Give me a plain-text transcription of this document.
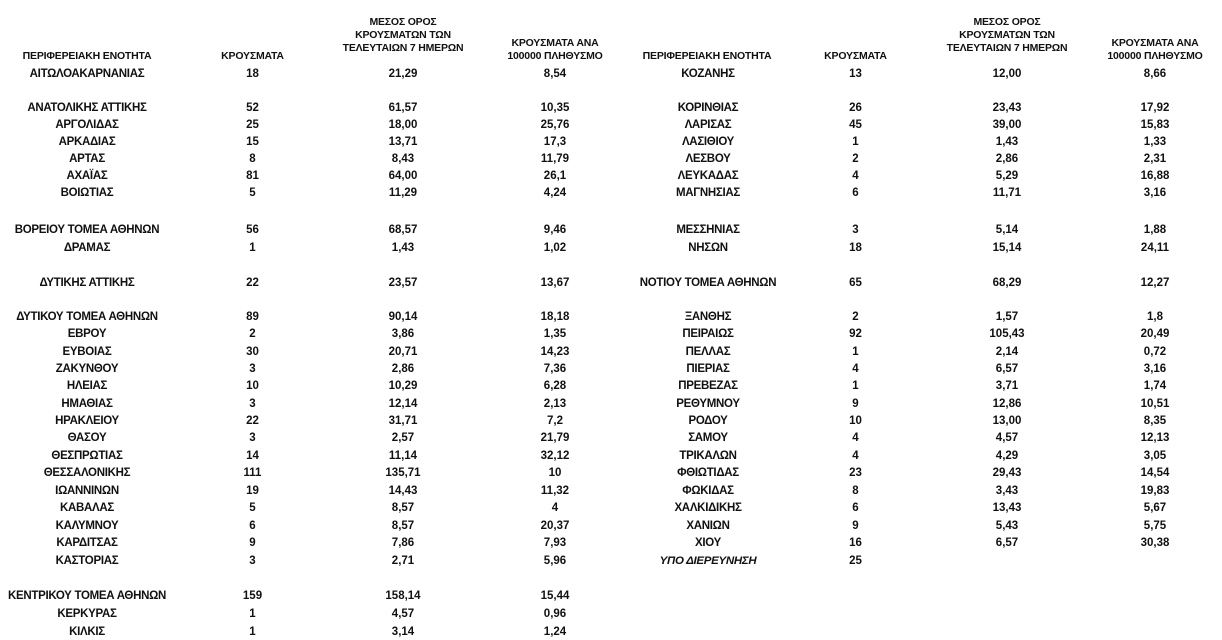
ΠΕΡΙΦΕΡΕΙΑΚΗ ΕΝΟΤΗΤΑ	ΚΡΟΥΣΜΑΤΑ
ΜΕΣΟΣ ΟΡΟΣ
ΚΡΟΥΣΜΑΤΩΝ ΤΩΝ
ΤΕΛΕΥΤΑΙΩΝ 7 ΗΜΕΡΩΝ	ΚΡΟΥΣΜΑΤΑ ΑΝΑ
100000 ΠΛΗΘΥΣΜΟ	ΠΕΡΙΦΕΡΕΙΑΚΗ ΕΝΟΤΗΤΑ	ΚΡΟΥΣΜΑΤΑ
ΜΕΣΟΣ ΟΡΟΣ
ΚΡΟΥΣΜΑΤΩΝ ΤΩΝ
ΤΕΛΕΥΤΑΙΩΝ 7 ΗΜΕΡΩΝ	ΚΡΟΥΣΜΑΤΑ ΑΝΑ
100000 ΠΛΗΘΥΣΜΟ
ΑΙΤΩΛΟΑΚΑΡΝΑΝΙΑΣ	18	21,29	8,54
ΑΝΑΤΟΛΙΚΗΣ ΑΤΤΙΚΗΣ	52	61,57	10,35
ΑΡΓΟΛΙΔΑΣ	25	18,00	25,76
ΑΡΚΑΔΙΑΣ	15	13,71	17,3
ΑΡΤΑΣ	8	8,43	11,79
ΑΧΑΪΑΣ	81	64,00	26,1
ΒΟΙΩΤΙΑΣ	5	11,29	4,24
ΒΟΡΕΙΟΥ ΤΟΜΕΑ ΑΘΗΝΩΝ	56	68,57	9,46
ΔΡΑΜΑΣ	1	1,43	1,02
ΔΥΤΙΚΗΣ ΑΤΤΙΚΗΣ	22	23,57	13,67
ΔΥΤΙΚΟΥ ΤΟΜΕΑ ΑΘΗΝΩΝ	89	90,14	18,18
ΕΒΡΟΥ	2	3,86	1,35
ΕΥΒΟΙΑΣ	30	20,71	14,23
ΖΑΚΥΝΘΟΥ	3	2,86	7,36
ΗΛΕΙΑΣ	10	10,29	6,28
ΗΜΑΘΙΑΣ	3	12,14	2,13
ΗΡΑΚΛΕΙΟΥ	22	31,71	7,2
ΘΑΣΟΥ	3	2,57	21,79
ΘΕΣΠΡΩΤΙΑΣ	14	11,14	32,12
ΘΕΣΣΑΛΟΝΙΚΗΣ	111	135,71	10
ΙΩΑΝΝΙΝΩΝ	19	14,43	11,32
ΚΑΒΑΛΑΣ	5	8,57	4
ΚΑΛΥΜΝΟΥ	6	8,57	20,37
ΚΑΡΔΙΤΣΑΣ	9	7,86	7,93
ΚΑΣΤΟΡΙΑΣ	3	2,71	5,96
ΚΕΝΤΡΙΚΟΥ ΤΟΜΕΑ ΑΘΗΝΩΝ	159	158,14	15,44
ΚΕΡΚΥΡΑΣ	1	4,57	0,96
ΚΙΛΚΙΣ	1	3,14	1,24
ΚΟΖΑΝΗΣ	13	12,00	8,66
ΚΟΡΙΝΘΙΑΣ	26	23,43	17,92
ΛΑΡΙΣΑΣ	45	39,00	15,83
ΛΑΣΙΘΙΟΥ	1	1,43	1,33
ΛΕΣΒΟΥ	2	2,86	2,31
ΛΕΥΚΑΔΑΣ	4	5,29	16,88
ΜΑΓΝΗΣΙΑΣ	6	11,71	3,16
ΜΕΣΣΗΝΙΑΣ	3	5,14	1,88
ΝΗΣΩΝ	18	15,14	24,11
ΝΟΤΙΟΥ ΤΟΜΕΑ ΑΘΗΝΩΝ	65	68,29	12,27
ΞΑΝΘΗΣ	2	1,57	1,8
ΠΕΙΡΑΙΩΣ	92	105,43	20,49
ΠΕΛΛΑΣ	1	2,14	0,72
ΠΙΕΡΙΑΣ	4	6,57	3,16
ΠΡΕΒΕΖΑΣ	1	3,71	1,74
ΡΕΘΥΜΝΟΥ	9	12,86	10,51
ΡΟΔΟΥ	10	13,00	8,35
ΣΑΜΟΥ	4	4,57	12,13
ΤΡΙΚΑΛΩΝ	4	4,29	3,05
ΦΘΙΩΤΙΔΑΣ	23	29,43	14,54
ΦΩΚΙΔΑΣ	8	3,43	19,83
ΧΑΛΚΙΔΙΚΗΣ	6	13,43	5,67
ΧΑΝΙΩΝ	9	5,43	5,75
ΧΙΟΥ	16	6,57	30,38
ΥΠΟ ΔΙΕΡΕΥΝΗΣΗ	25
